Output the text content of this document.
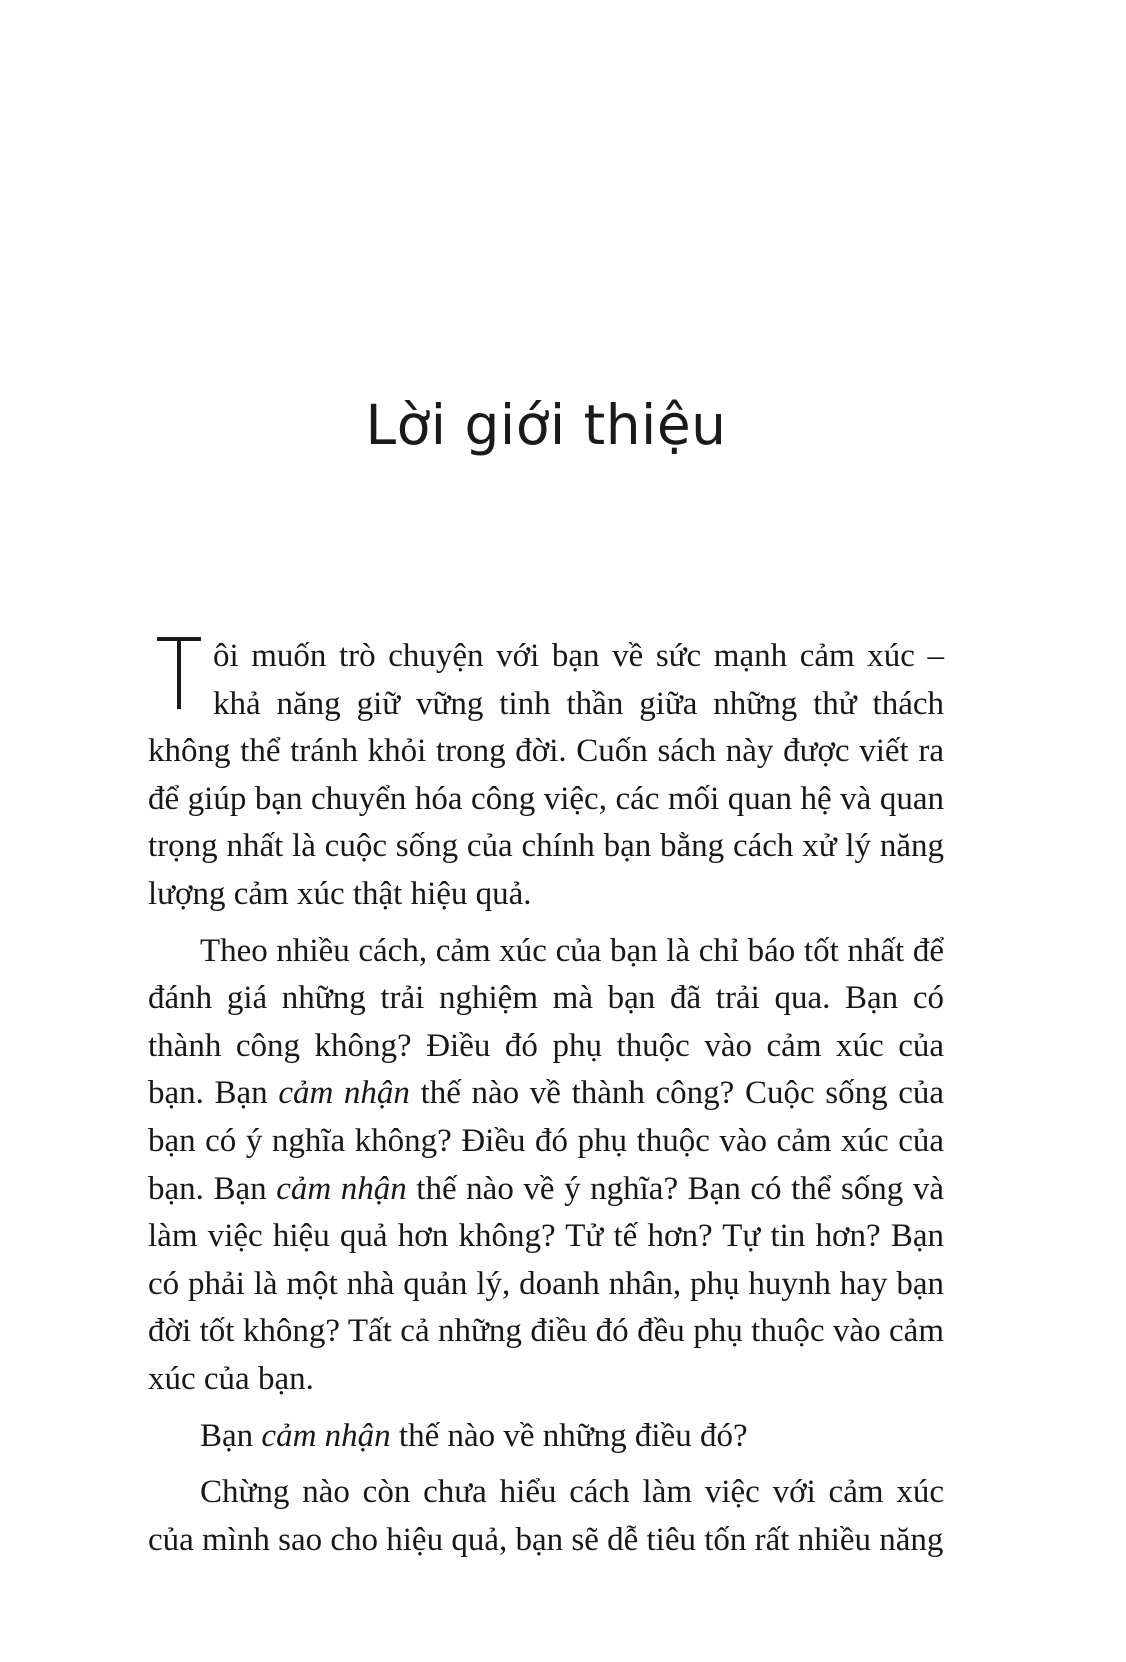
Lời giới thiệu

ôi muốn trò chuyện với bạn về sức mạnh cảm xúc – khả năng giữ vững tinh thần giữa những thử thách không thể tránh khỏi trong đời. Cuốn sách này được viết ra để giúp bạn chuyển hóa công việc, các mối quan hệ và quan trọng nhất là cuộc sống của chính bạn bằng cách xử lý năng lượng cảm xúc thật hiệu quả.

Theo nhiều cách, cảm xúc của bạn là chỉ báo tốt nhất để đánh giá những trải nghiệm mà bạn đã trải qua. Bạn có thành công không? Điều đó phụ thuộc vào cảm xúc của bạn. Bạn cảm nhận thế nào về thành công? Cuộc sống của bạn có ý nghĩa không? Điều đó phụ thuộc vào cảm xúc của bạn. Bạn cảm nhận thế nào về ý nghĩa? Bạn có thể sống và làm việc hiệu quả hơn không? Tử tế hơn? Tự tin hơn? Bạn có phải là một nhà quản lý, doanh nhân, phụ huynh hay bạn đời tốt không? Tất cả những điều đó đều phụ thuộc vào cảm xúc của bạn.

Bạn cảm nhận thế nào về những điều đó?

Chừng nào còn chưa hiểu cách làm việc với cảm xúc của mình sao cho hiệu quả, bạn sẽ dễ tiêu tốn rất nhiều năng
